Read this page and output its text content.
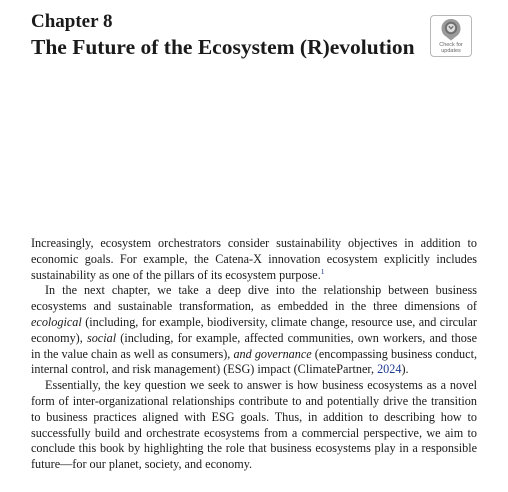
Chapter 8
The Future of the Ecosystem (R)evolution	Check for
updates

Increasingly, ecosystem orchestrators consider sustainability objectives in addition to economic goals. For example, the Catena-X innovation ecosystem explicitly includes sustainability as one of the pillars of its ecosystem purpose.$^1$

In the next chapter, we take a deep dive into the relationship between business ecosystems and sustainable transformation, as embedded in the three dimensions of ecological (including, for example, biodiversity, climate change, resource use, and circular economy), social (including, for example, affected communities, own workers, and those in the value chain as well as consumers), and governance (encompassing business conduct, internal control, and risk management) (ESG) impact (ClimatePartner, 2024).

Essentially, the key question we seek to answer is how business ecosystems as a novel form of inter-organizational relationships contribute to and potentially drive the transition to business practices aligned with ESG goals. Thus, in addition to describing how to successfully build and orchestrate ecosystems from a commercial perspective, we aim to conclude this book by highlighting the role that business ecosystems play in a responsible future—for our planet, society, and economy.
